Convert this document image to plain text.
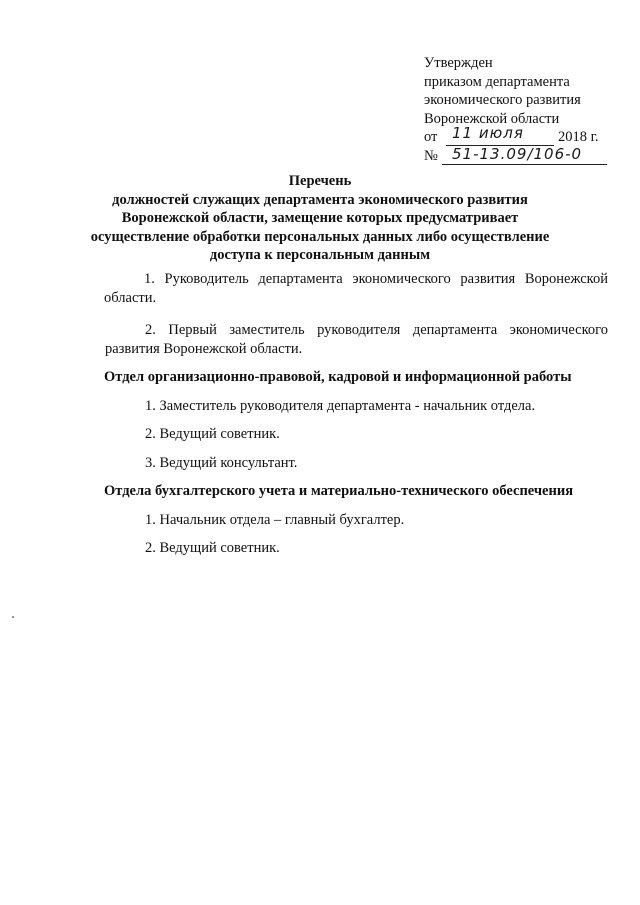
Утвержден
приказом департамента
экономического развития
Воронежской области
от 11 июля 2018 г.
№ 51-13.09/106-0
Перечень
должностей служащих департамента экономического развития
Воронежской области, замещение которых предусматривает
осуществление обработки персональных данных либо осуществление
доступа к персональным данным

1. Руководитель департамента экономического развития Воронежской области.

2. Первый заместитель руководителя департамента экономического развития Воронежской области.

Отдел организационно-правовой, кадровой и информационной работы

1. Заместитель руководителя департамента - начальник отдела.

2. Ведущий советник.

3. Ведущий консультант.

Отдела бухгалтерского учета и материально-технического обеспечения

1. Начальник отдела – главный бухгалтер.

2. Ведущий советник.
